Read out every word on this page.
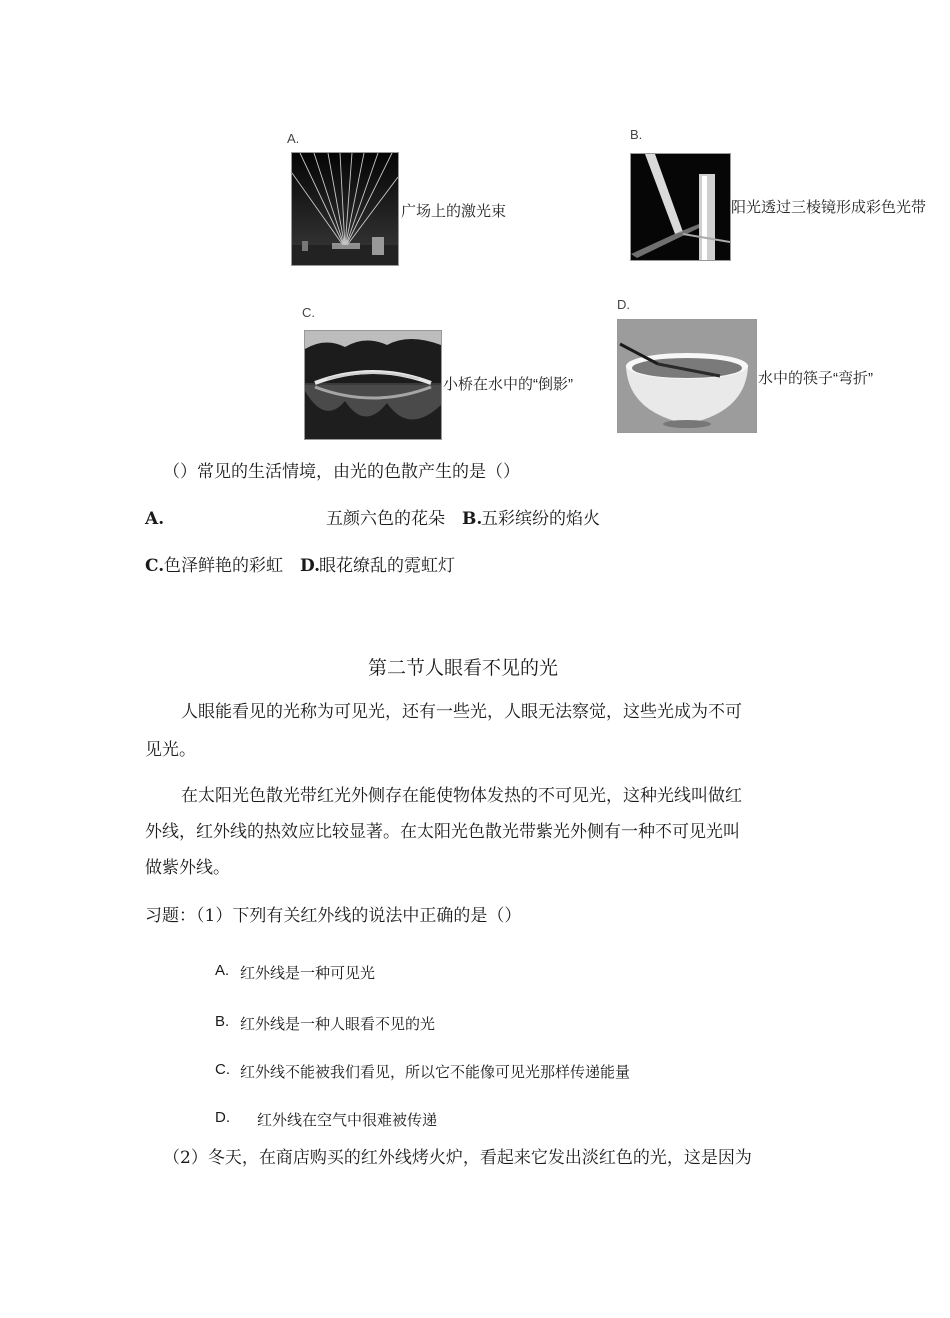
A.
广场上的激光束
B.
阳光透过三棱镜形成彩色光带
C.
小桥在水中的“倒影”
D.
水中的筷子“弯折”
（）常见的生活情境，由光的色散产生的是（）
A.	五颜六色的花朵 B.
五彩缤纷的焰火
C. 色泽鲜艳的彩虹 D.
眼花缭乱的霓虹灯
第二节人眼看不见的光
人眼能看见的光称为可见光，还有一些光，人眼无法察觉，这些光成为不可
见光。
在太阳光色散光带红光外侧存在能使物体发热的不可见光，这种光线叫做红
外线，红外线的热效应比较显著。在太阳光色散光带紫光外侧有一种不可见光叫
做紫外线。
习题：（1）下列有关红外线的说法中正确的是（）
A. 红外线是一种可见光
B. 红外线是一种人眼看不见的光
C. 红外线不能被我们看见，所以它不能像可见光那样传递能量
D. 红外线在空气中很难被传递
（2）冬天，在商店购买的红外线烤火炉，看起来它发出淡红色的光，这是因为
